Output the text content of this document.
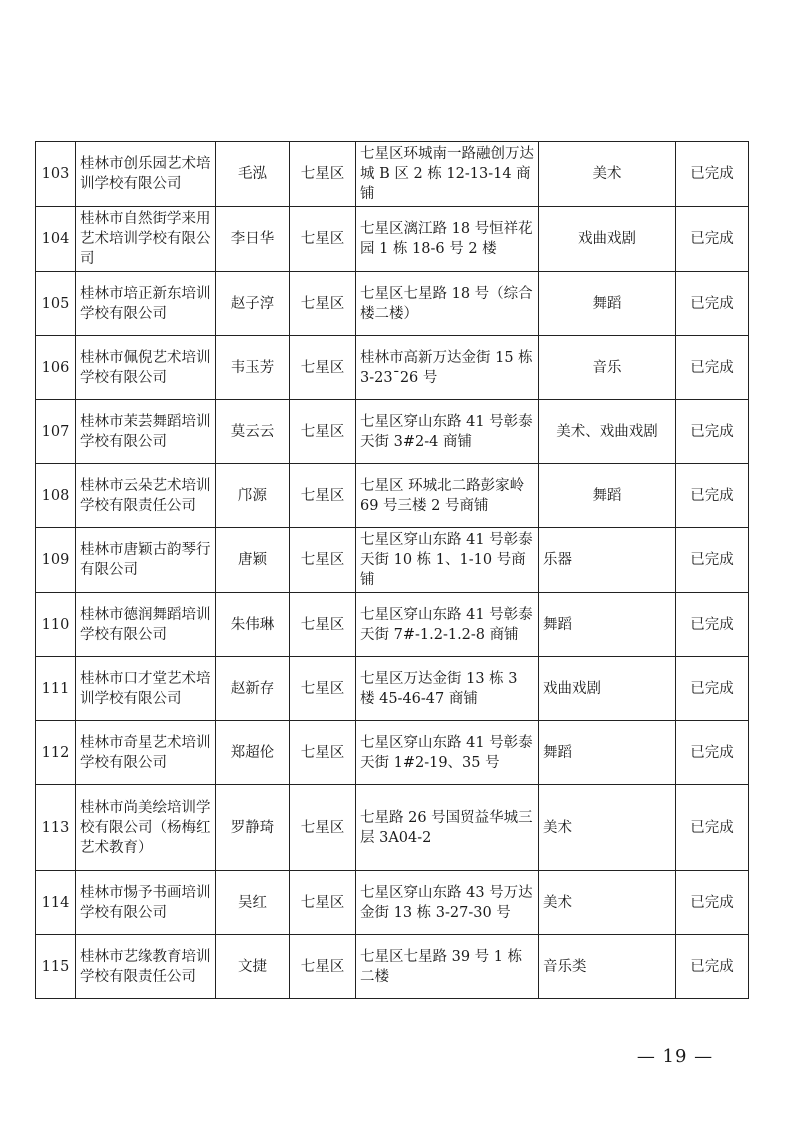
103	桂林市创乐园艺术培训学校有限公司	毛泓	七星区	七星区环城南一路融创万达城 B 区 2 栋 12-13-14 商铺	美术	已完成
104	桂林市自然街学来用艺术培训学校有限公司	李日华	七星区	七星区漓江路 18 号恒祥花园 1 栋 18-6 号 2 楼	戏曲戏剧	已完成
105	桂林市培正新东培训学校有限公司	赵子淳	七星区	七星区七星路 18 号（综合楼二楼）	舞蹈	已完成
106	桂林市佩倪艺术培训学校有限公司	韦玉芳	七星区	桂林市高新万达金街 15 栋 3-23¯26 号	音乐	已完成
107	桂林市茉芸舞蹈培训学校有限公司	莫云云	七星区	七星区穿山东路 41 号彰泰天街 3#2-4 商铺	美术、戏曲戏剧	已完成
108	桂林市云朵艺术培训学校有限责任公司	邝源	七星区	七星区 环城北二路彭家岭 69 号三楼 2 号商铺	舞蹈	已完成
109	桂林市唐颖古韵琴行有限公司	唐颖	七星区	七星区穿山东路 41 号彰泰天街 10 栋 1、1-10 号商铺	乐器	已完成
110	桂林市德润舞蹈培训学校有限公司	朱伟琳	七星区	七星区穿山东路 41 号彰泰天街 7#-1.2-1.2-8 商铺	舞蹈	已完成
111	桂林市口才堂艺术培训学校有限公司	赵新存	七星区	七星区万达金街 13 栋 3 楼 45-46-47 商铺	戏曲戏剧	已完成
112	桂林市奇星艺术培训学校有限公司	郑超伦	七星区	七星区穿山东路 41 号彰泰天街 1#2-19、35 号	舞蹈	已完成
113	桂林市尚美绘培训学校有限公司（杨梅红艺术教育）	罗静琦	七星区	七星路 26 号国贸益华城三层 3A04-2	美术	已完成
114	桂林市惕予书画培训学校有限公司	吴红	七星区	七星区穿山东路 43 号万达金街 13 栋 3-27-30 号	美术	已完成
115	桂林市艺缘教育培训学校有限责任公司	文捷	七星区	七星区七星路 39 号 1 栋二楼	音乐类	已完成
— 19 —
